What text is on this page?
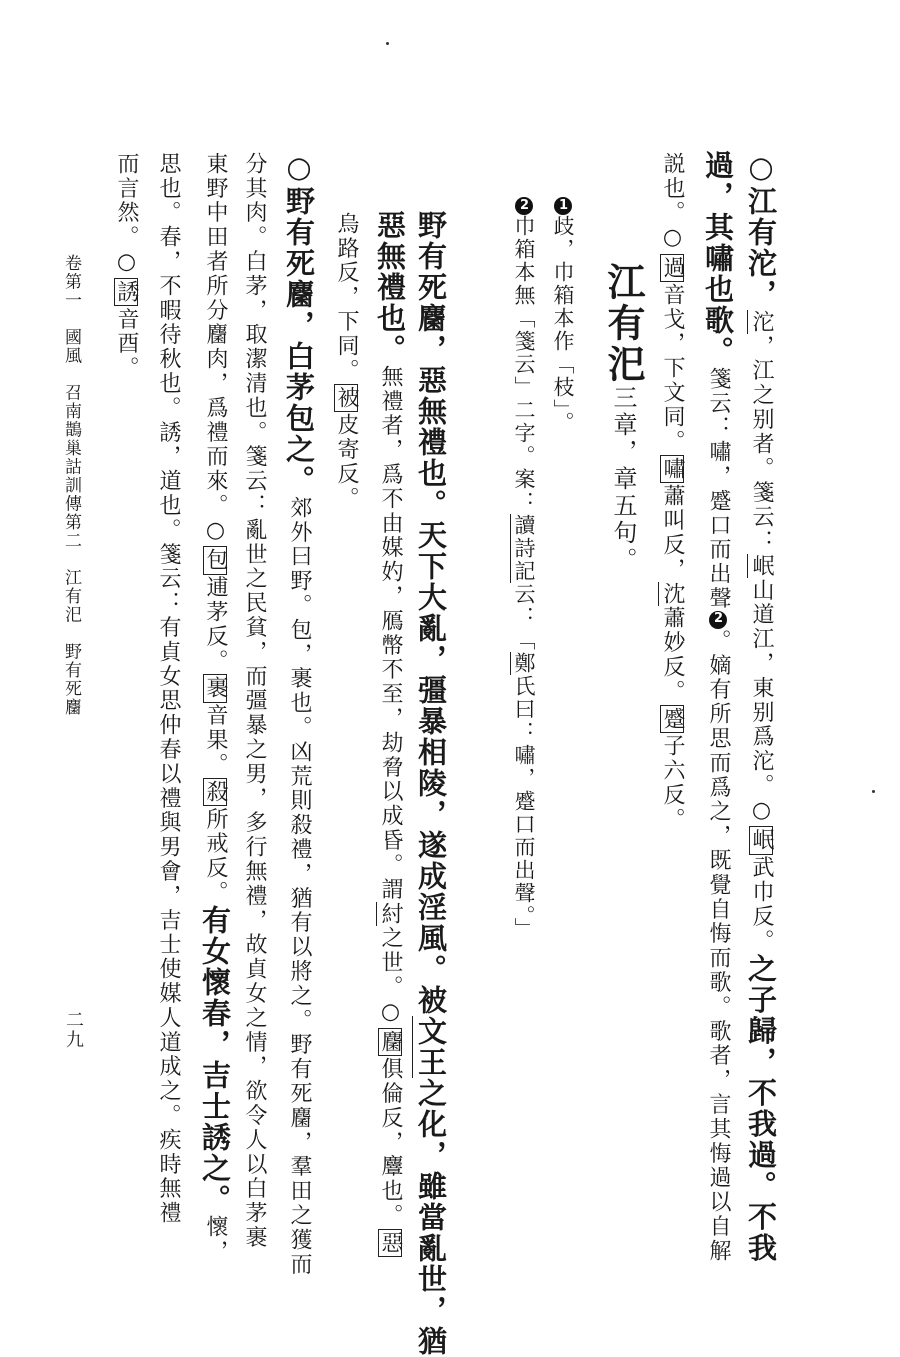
○江有沱，沱，江之别者。箋云：岷山道江，東别爲沱。○岷武巾反。之子歸，不我過。不我
過，其嘯也歌。箋云：嘯，蹙口而出聲2。嫡有所思而爲之，既覺自悔而歌。歌者，言其悔過以自解
説也。○過音戈，下文同。嘯蕭叫反，沈蕭妙反。蹙子六反。
江有汜三章，章五句。
1歧，巾箱本作「枝」。
2巾箱本無「箋云」二字。案：讀詩記云：「鄭氏曰：嘯，蹙口而出聲。」
野有死麕，惡無禮也。天下大亂，彊暴相陵，遂成淫風。被文王之化，雖當亂世，猶
惡無禮也。無禮者，爲不由媒妁，鴈幣不至，劫脅以成昏。謂紂之世。○麕俱倫反，麞也。惡
烏路反，下同。被皮寄反。
○野有死麕，白茅包之。郊外曰野。包，裹也。凶荒則殺禮，猶有以將之。野有死麕，羣田之獲而
分其肉。白茅，取潔清也。箋云：亂世之民貧，而彊暴之男，多行無禮，故貞女之情，欲令人以白茅裹
東野中田者所分麕肉，爲禮而來。○包逋茅反。裹音果。殺所戒反。有女懷春，吉士誘之。懷，
思也。春，不暇待秋也。誘，道也。箋云：有貞女思仲春以禮與男會，吉士使媒人道成之。疾時無禮
而言然。○誘音酉。
卷第一　國風　召南鵲巢詁訓傳第二　江有汜　野有死麕
二九
